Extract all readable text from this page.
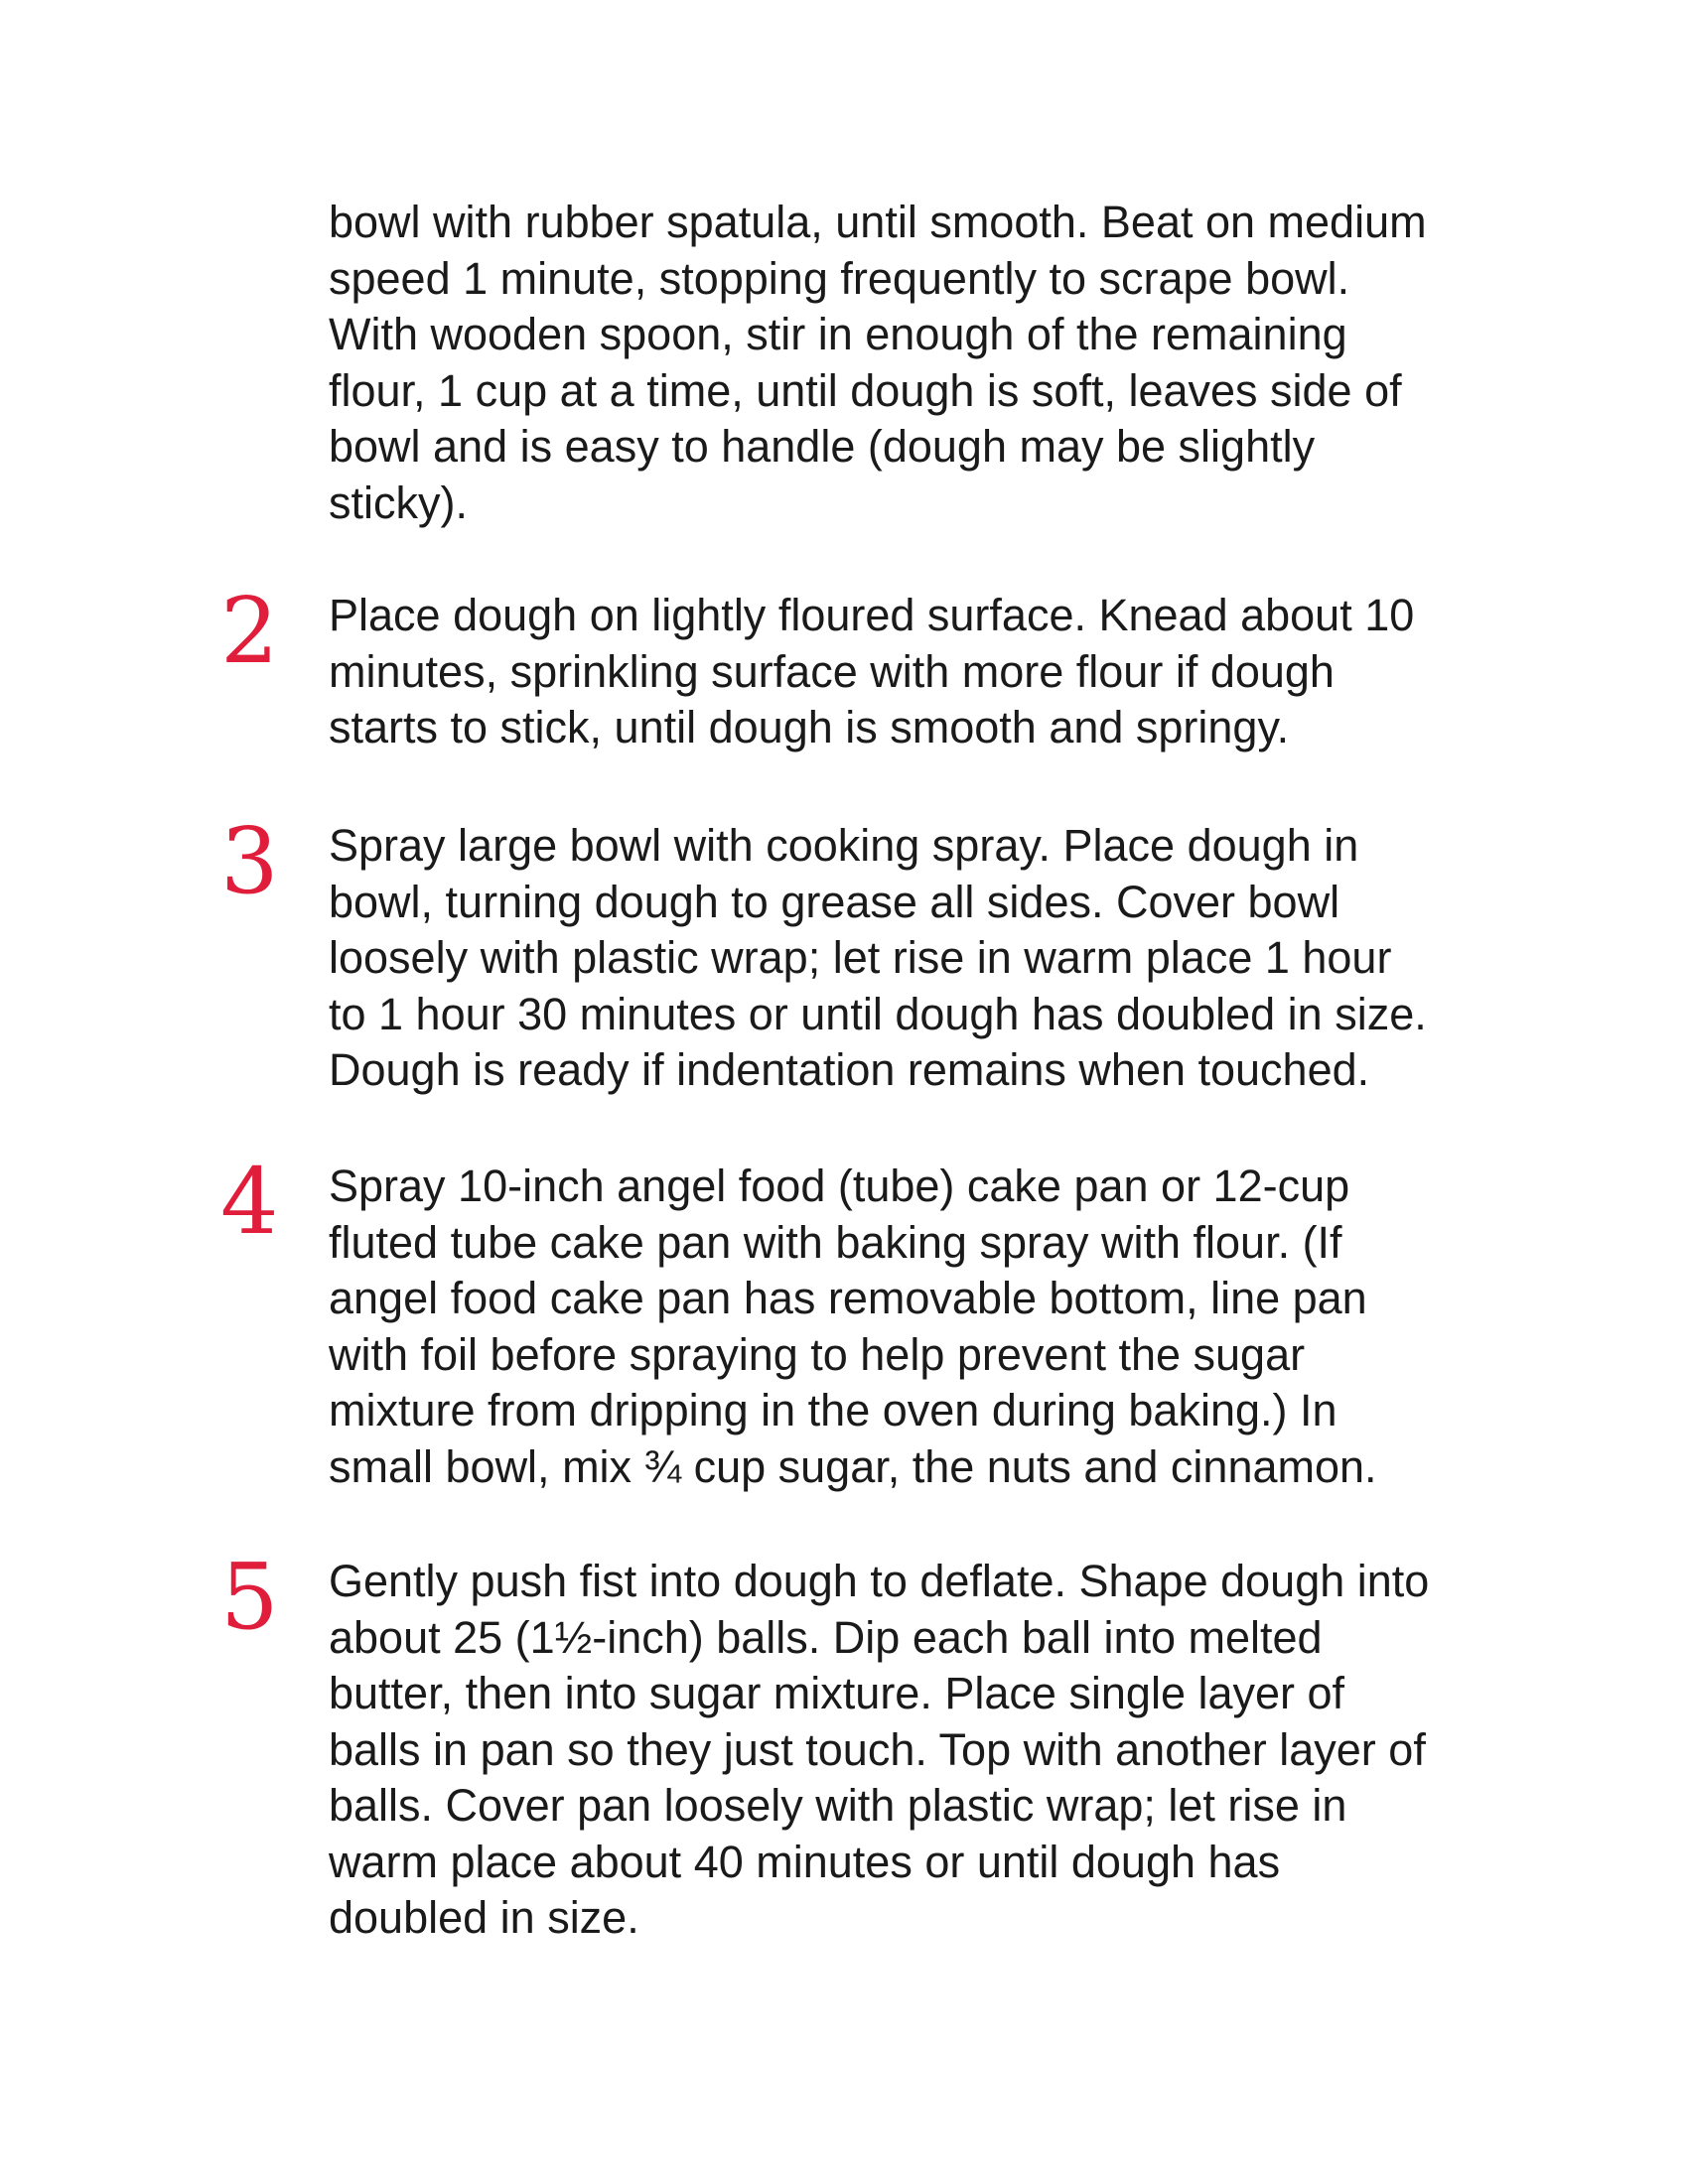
bowl with rubber spatula, until smooth. Beat on medium
speed 1 minute, stopping frequently to scrape bowl.
With wooden spoon, stir in enough of the remaining
flour, 1 cup at a time, until dough is soft, leaves side of
bowl and is easy to handle (dough may be slightly
sticky).

2 Place dough on lightly floured surface. Knead about 10
minutes, sprinkling surface with more flour if dough
starts to stick, until dough is smooth and springy.

3 Spray large bowl with cooking spray. Place dough in
bowl, turning dough to grease all sides. Cover bowl
loosely with plastic wrap; let rise in warm place 1 hour
to 1 hour 30 minutes or until dough has doubled in size.
Dough is ready if indentation remains when touched.

4 Spray 10-inch angel food (tube) cake pan or 12-cup
fluted tube cake pan with baking spray with flour. (If
angel food cake pan has removable bottom, line pan
with foil before spraying to help prevent the sugar
mixture from dripping in the oven during baking.) In
small bowl, mix ¾ cup sugar, the nuts and cinnamon.

5 Gently push fist into dough to deflate. Shape dough into
about 25 (1½-inch) balls. Dip each ball into melted
butter, then into sugar mixture. Place single layer of
balls in pan so they just touch. Top with another layer of
balls. Cover pan loosely with plastic wrap; let rise in
warm place about 40 minutes or until dough has
doubled in size.
